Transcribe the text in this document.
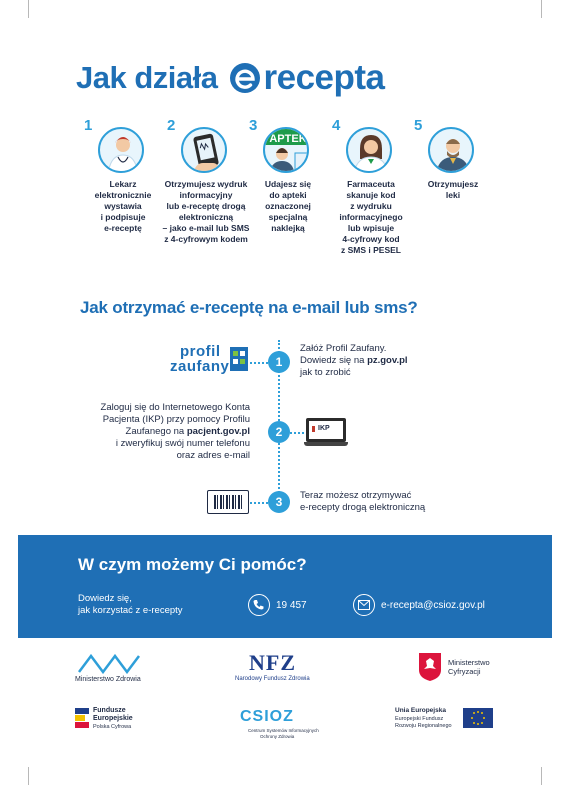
Jak działa recepta
1
Lekarz
elektronicznie
wystawia
i podpisuje
e-receptę
2
Otrzymujesz wydruk
informacyjny
lub e-receptę drogą
elektroniczną
– jako e-mail lub SMS
z 4-cyfrowym kodem
3
APTEK
Udajesz się
do apteki
oznaczonej
specjalną
naklejką
4
Farmaceuta
skanuje kod
z wydruku
informacyjnego
lub wpisuje
4-cyfrowy kod
z SMS i PESEL
5
Otrzymujesz
leki
Jak otrzymać e-receptę na e-mail lub sms?
profil
zaufany	1
Załóż Profil Zaufany.
Dowiedz się na pz.gov.pl
jak to zrobić
Zaloguj się do Internetowego Konta
Pacjenta (IKP) przy pomocy Profilu
Zaufanego na pacjent.gov.pl
i zweryfikuj swój numer telefonu
oraz adres e-mail
2	IKP
3	Teraz możesz otrzymywać
e-recepty drogą elektroniczną
W czym możemy Ci pomóc?
Dowiedz się,
jak korzystać z e-recepty	19 457	e-recepta@csioz.gov.pl
Ministerstwo Zdrowia
NFZ
Narodowy Fundusz Zdrowia
Ministerstwo
Cyfryzacji
Fundusze
Europejskie
Polska Cyfrowa
CSIOZ
Centrum Systemów Informacyjnych
Ochrony Zdrowia
Unia Europejska
Europejski Fundusz
Rozwoju Regionalnego
